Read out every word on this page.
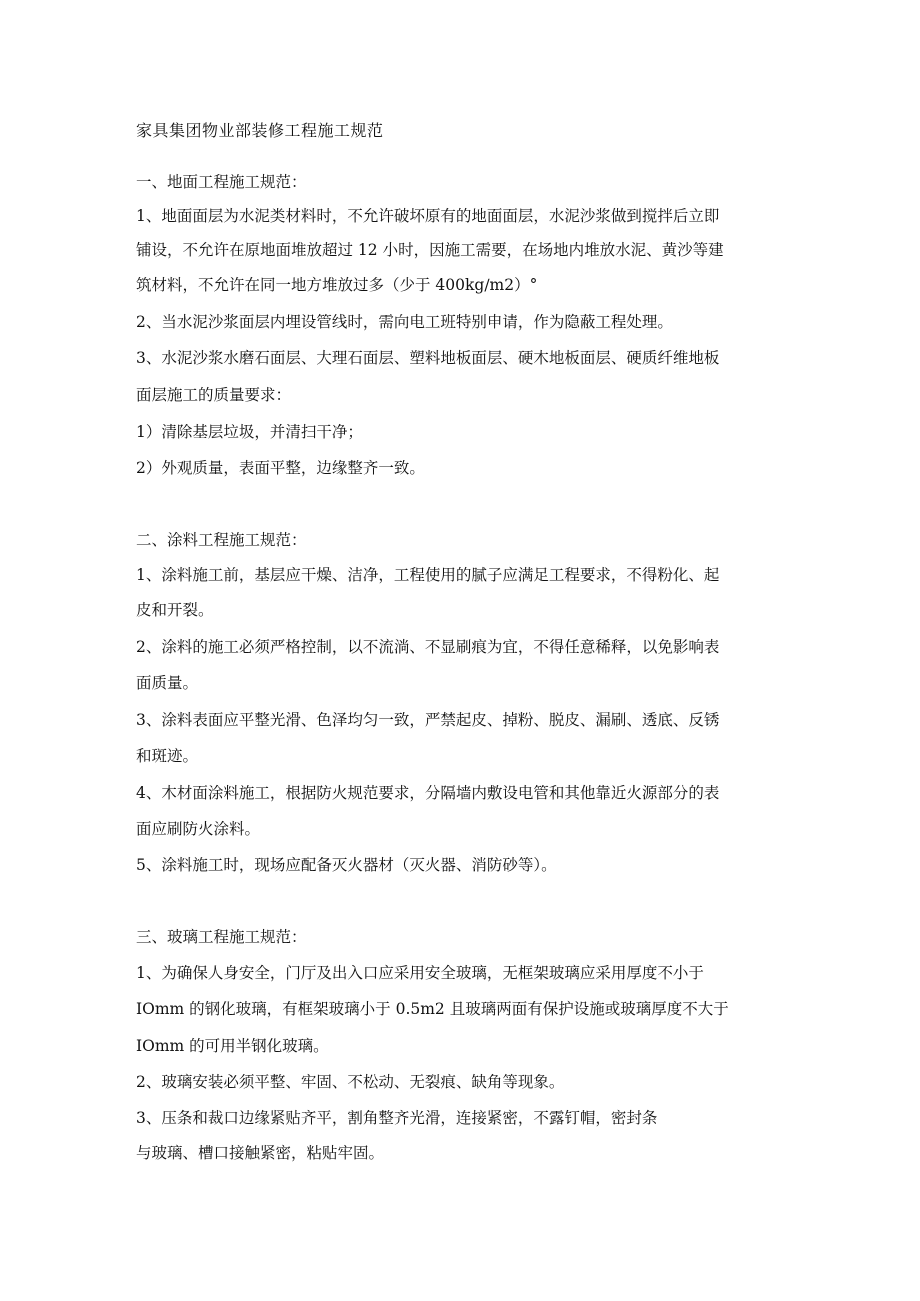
家具集团物业部装修工程施工规范
一、地面工程施工规范：
1、地面面层为水泥类材料时，不允许破坏原有的地面面层，水泥沙浆做到搅拌后立即
铺设，不允许在原地面堆放超过 12 小时，因施工需要，在场地内堆放水泥、黄沙等建
筑材料，不允许在同一地方堆放过多（少于 400kg∕m2）°
2、当水泥沙浆面层内埋设管线时，需向电工班特别申请，作为隐蔽工程处理。
3、水泥沙浆水磨石面层、大理石面层、塑料地板面层、硬木地板面层、硬质纤维地板
面层施工的质量要求：
1）清除基层垃圾，并清扫干净；
2）外观质量，表面平整，边缘整齐一致。
二、涂料工程施工规范：
1、涂料施工前，基层应干燥、洁净，工程使用的腻子应满足工程要求，不得粉化、起
皮和开裂。
2、涂料的施工必须严格控制，以不流淌、不显刷痕为宜，不得任意稀释，以免影响表
面质量。
3、涂料表面应平整光滑、色泽均匀一致，严禁起皮、掉粉、脱皮、漏刷、透底、反锈
和斑迹。
4、木材面涂料施工，根据防火规范要求，分隔墙内敷设电管和其他靠近火源部分的表
面应刷防火涂料。
5、涂料施工时，现场应配备灭火器材（灭火器、消防砂等）。
三、玻璃工程施工规范：
1、为确保人身安全，门厅及出入口应采用安全玻璃，无框架玻璃应采用厚度不小于
IOmm 的钢化玻璃，有框架玻璃小于 0.5m2 且玻璃两面有保护设施或玻璃厚度不大于
IOmm 的可用半钢化玻璃。
2、玻璃安装必须平整、牢固、不松动、无裂痕、缺角等现象。
3、压条和裁口边缘紧贴齐平，割角整齐光滑，连接紧密，不露钉帽，密封条
与玻璃、槽口接触紧密，粘贴牢固。
